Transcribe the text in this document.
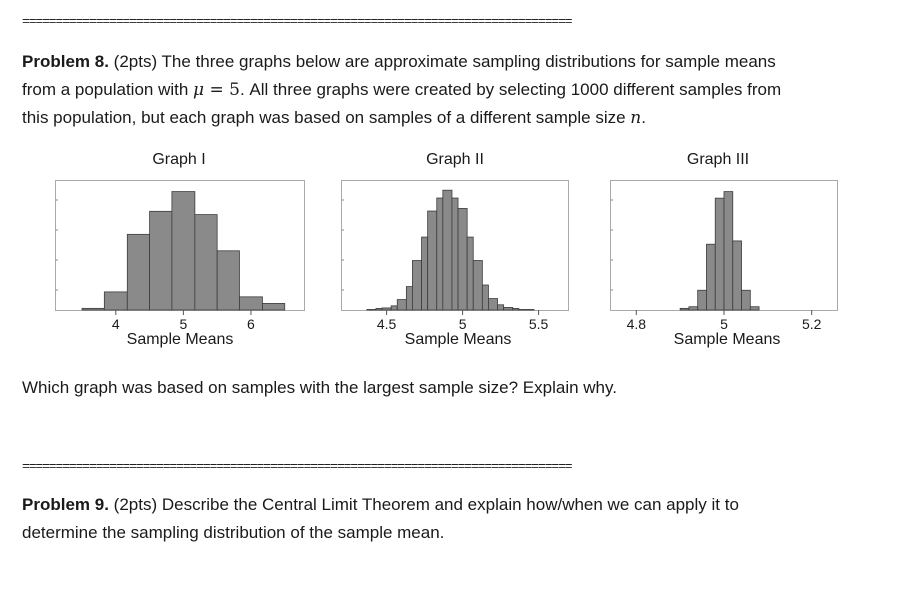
==================================================================================
Problem 8. (2pts) The three graphs below are approximate sampling distributions for sample means
from a population with μ = 5. All three graphs were created by selecting 1000 different samples from
this population, but each graph was based on samples of a different sample size n.
Graph I
4	5	6
Sample Means
Graph II
4.5	5	5.5
Sample Means
Graph III
4.8	5	5.2
Sample Means
Which graph was based on samples with the largest sample size? Explain why.
==================================================================================
Problem 9. (2pts) Describe the Central Limit Theorem and explain how/when we can apply it to
determine the sampling distribution of the sample mean.
